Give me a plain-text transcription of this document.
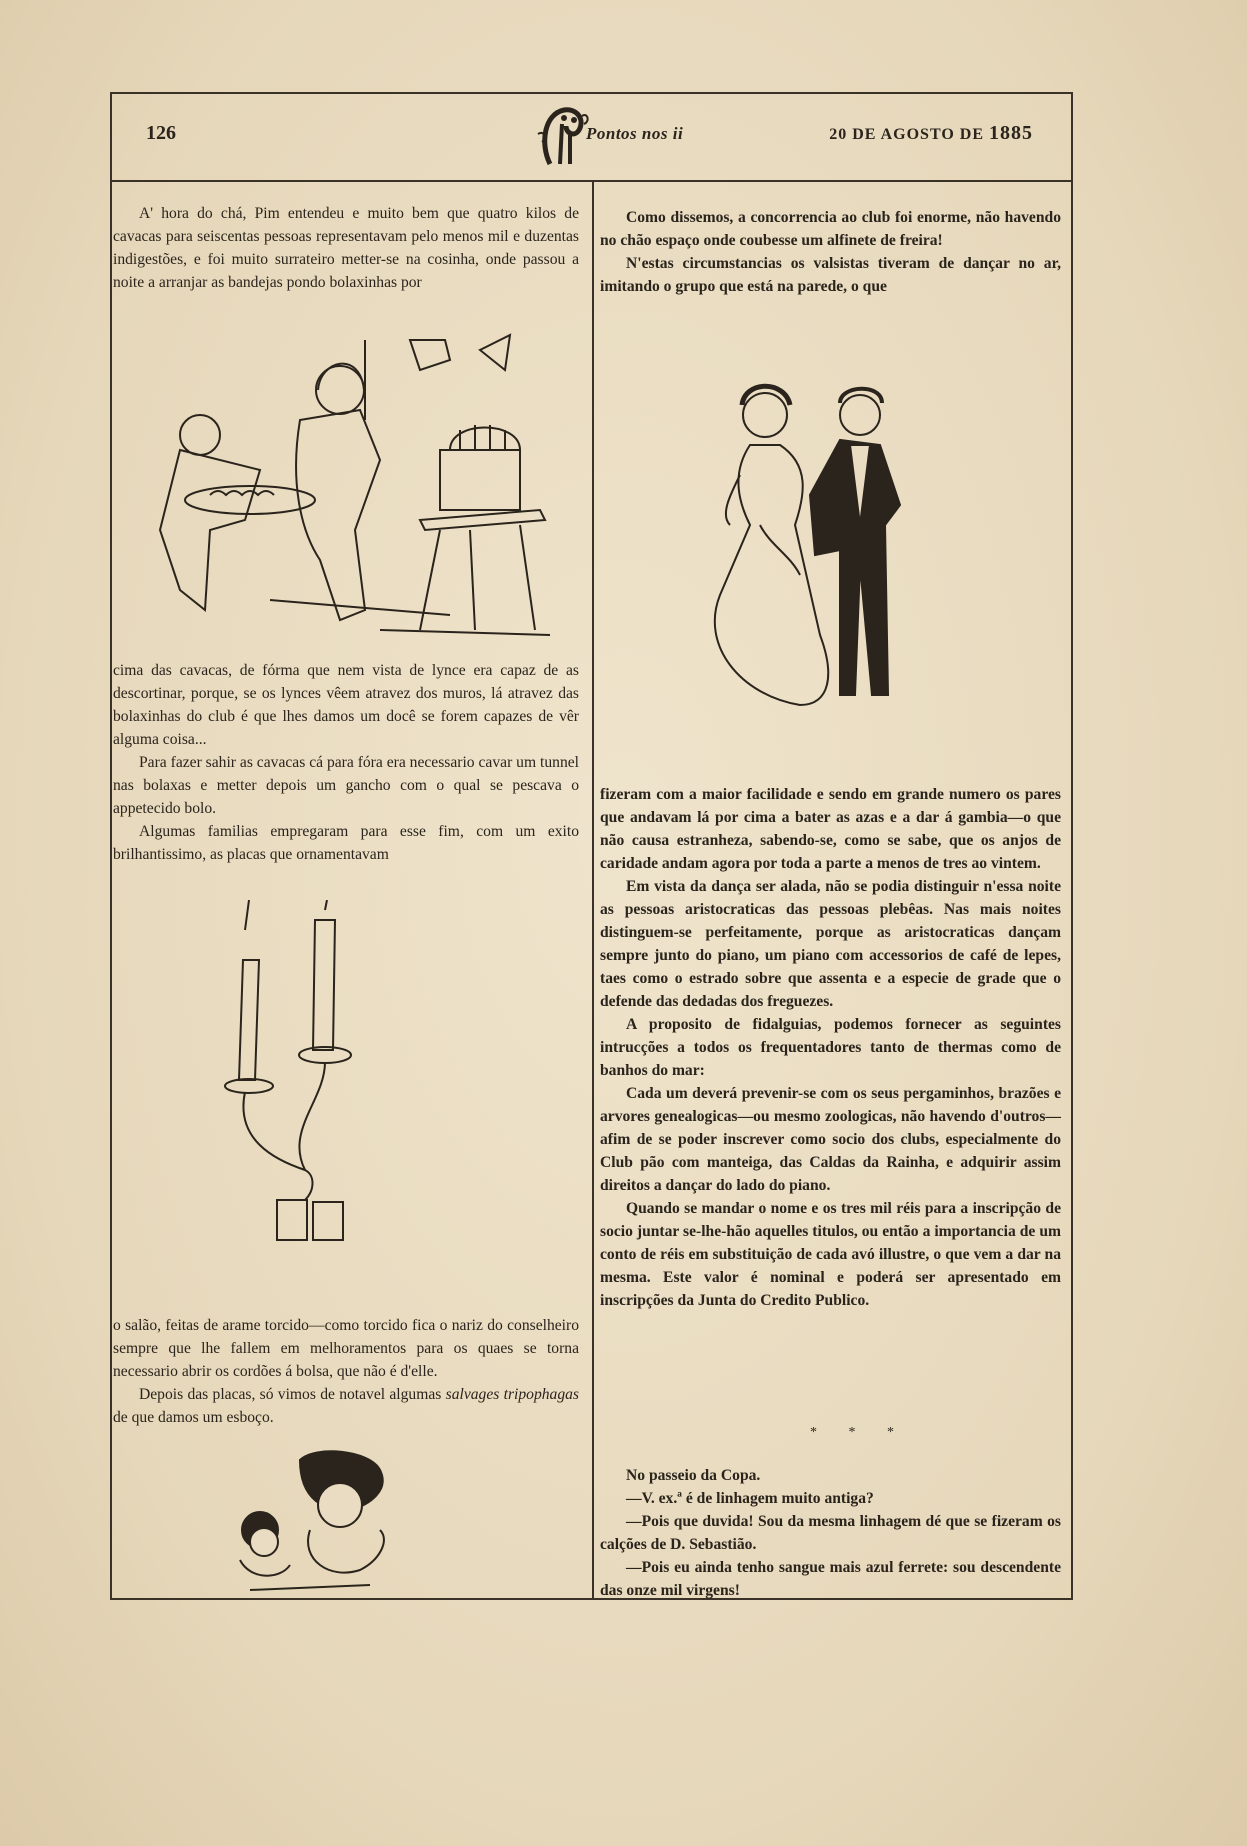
126	Pontos nos ii	20 DE AGOSTO DE 1885

A' hora do chá, Pim entendeu e muito bem que quatro kilos de cavacas para seiscentas pessoas representavam pelo menos mil e duzentas indigestões, e foi muito surrateiro metter-se na cosinha, onde passou a noite a arranjar as bandejas pondo bolaxinhas por

cima das cavacas, de fórma que nem vista de lynce era capaz de as descortinar, porque, se os lynces vêem atravez dos muros, lá atravez das bolaxinhas do club é que lhes damos um docê se forem capazes de vêr alguma coisa...

Para fazer sahir as cavacas cá para fóra era necessario cavar um tunnel nas bolaxas e metter depois um gancho com o qual se pescava o appetecido bolo.

Algumas familias empregaram para esse fim, com um exito brilhantissimo, as placas que ornamentavam

o salão, feitas de arame torcido—como torcido fica o nariz do conselheiro sempre que lhe fallem em melhoramentos para os quaes se torna necessario abrir os cordões á bolsa, que não é d'elle.

Depois das placas, só vimos de notavel algumas salvages tripophagas de que damos um esboço.

Como dissemos, a concorrencia ao club foi enorme, não havendo no chão espaço onde coubesse um alfinete de freira!

N'estas circumstancias os valsistas tiveram de dançar no ar, imitando o grupo que está na parede, o que

fizeram com a maior facilidade e sendo em grande numero os pares que andavam lá por cima a bater as azas e a dar á gambia—o que não causa estranheza, sabendo-se, como se sabe, que os anjos de caridade andam agora por toda a parte a menos de tres ao vintem.

Em vista da dança ser alada, não se podia distinguir n'essa noite as pessoas aristocraticas das pessoas plebêas. Nas mais noites distinguem-se perfeitamente, porque as aristocraticas dançam sempre junto do piano, um piano com accessorios de café de lepes, taes como o estrado sobre que assenta e a especie de grade que o defende das dedadas dos freguezes.

A proposito de fidalguias, podemos fornecer as seguintes intrucções a todos os frequentadores tanto de thermas como de banhos do mar:

Cada um deverá prevenir-se com os seus pergaminhos, brazões e arvores genealogicas—ou mesmo zoologicas, não havendo d'outros—afim de se poder inscrever como socio dos clubs, especialmente do Club pão com manteiga, das Caldas da Rainha, e adquirir assim direitos a dançar do lado do piano.

Quando se mandar o nome e os tres mil réis para a inscripção de socio juntar se-lhe-hão aquelles titulos, ou então a importancia de um conto de réis em substituição de cada avó illustre, o que vem a dar na mesma. Este valor é nominal e poderá ser apresentado em inscripções da Junta do Credito Publico.

* * *

No passeio da Copa.

—V. ex.ª é de linhagem muito antiga?

—Pois que duvida! Sou da mesma linhagem dé que se fizeram os calções de D. Sebastião.

—Pois eu ainda tenho sangue mais azul ferrete: sou descendente das onze mil virgens!
